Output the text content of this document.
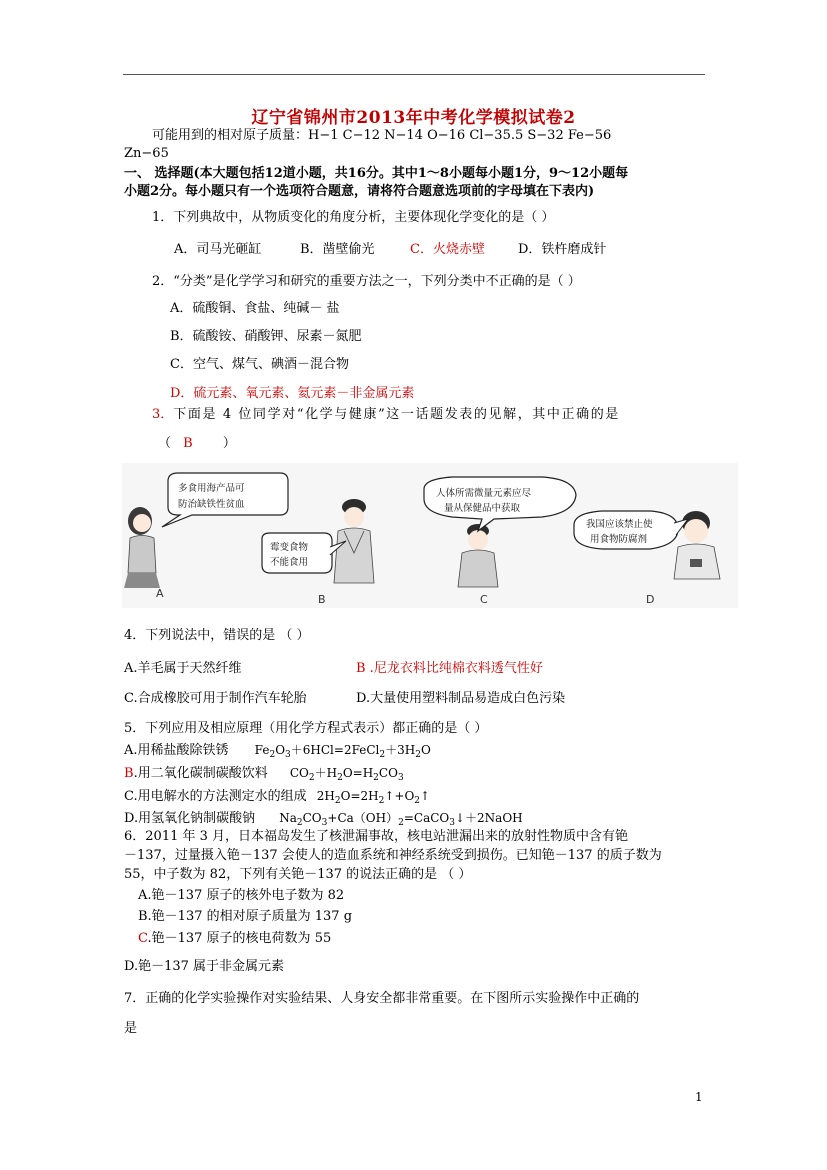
辽宁省锦州市2013年中考化学模拟试卷2
可能用到的相对原子质量：H−1 C−12 N−14 O−16 Cl−35.5 S−32 Fe−56
Zn−65
一、 选择题(本大题包括12道小题，共16分。其中1～8小题每小题1分，9～12小题每
小题2分。每小题只有一个选项符合题意，请将符合题意选项前的字母填在下表内)
1．下列典故中，从物质变化的角度分析，主要体现化学变化的是（ ）
A．司马光砸缸	B．凿壁偷光	C．火烧赤壁	D．铁杵磨成针
2．“分类”是化学学习和研究的重要方法之一，下列分类中不正确的是（ ）
A．硫酸铜、食盐、纯碱－ 盐
B．硫酸铵、硝酸钾、尿素－氮肥
C．空气、煤气、碘酒－混合物
D．硫元素、氧元素、氦元素－非金属元素
3．下面是 4 位同学对“化学与健康”这一话题发表的见解，其中正确的是
（ B ）
多食用海产品可
防治缺铁性贫血
A
霉变食物
不能食用
B
人体所需微量元素应尽
量从保健品中获取
C
我国应该禁止使
用食物防腐剂
D
4．下列说法中，错误的是 （ ）
A.羊毛属于天然纤维	B .尼龙衣料比纯棉衣料透气性好
C.合成橡胶可用于制作汽车轮胎	D.大量使用塑料制品易造成白色污染
5．下列应用及相应原理（用化学方程式表示）都正确的是（ ）
A.用稀盐酸除铁锈 $Fe_2O_3+6HCl=2FeCl_2+3H_2O$
B.用二氧化碳制碳酸饮料 $CO_2+H_2O=H_2CO_3$
C.用电解水的方法测定水的组成 $2H_2O=2H_2↑+O_2↑$
D.用氢氧化钠制碳酸钠 $Na_2CO_3+Ca(OH)_2=CaCO_3↓+2NaOH$
6．2011 年 3 月，日本福岛发生了核泄漏事故，核电站泄漏出来的放射性物质中含有铯
－137，过量摄入铯－137 会使人的造血系统和神经系统受到损伤。已知铯－137 的质子数为
55，中子数为 82，下列有关铯－137 的说法正确的是 （ ）
A.铯－137 原子的核外电子数为 82
B.铯－137 的相对原子质量为 137 g
C.铯－137 原子的核电荷数为 55
D.铯－137 属于非金属元素
7．正确的化学实验操作对实验结果、人身安全都非常重要。在下图所示实验操作中正确的
是
1
